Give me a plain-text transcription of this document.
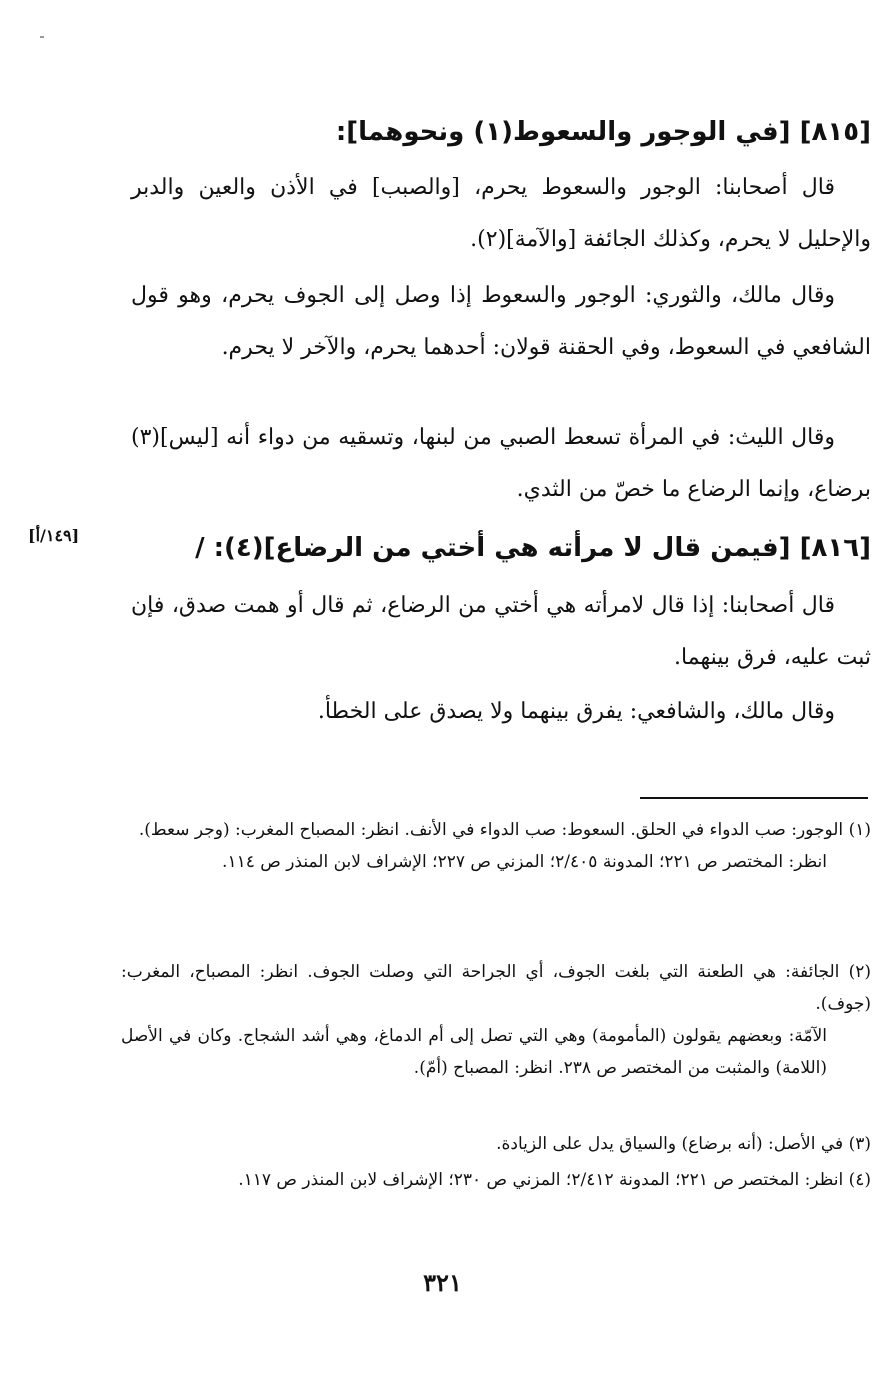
[٨١٥] [في الوجور والسعوط(١) ونحوهما]:
قال أصحابنا: الوجور والسعوط يحرم، [والصبب] في الأذن والعين والدبر والإحليل لا يحرم، وكذلك الجائفة [والآمة](٢).
وقال مالك، والثوري: الوجور والسعوط إذا وصل إلى الجوف يحرم، وهو قول الشافعي في السعوط، وفي الحقنة قولان: أحدهما يحرم، والآخر لا يحرم.
وقال الليث: في المرأة تسعط الصبي من لبنها، وتسقيه من دواء أنه [ليس](٣) برضاع، وإنما الرضاع ما خصّ من الثدي.
[١٤٩/أ]	[٨١٦] [فيمن قال لا مرأته هي أختي من الرضاع](٤): /
قال أصحابنا: إذا قال لامرأته هي أختي من الرضاع، ثم قال أو همت صدق، فإن ثبت عليه، فرق بينهما.
وقال مالك، والشافعي: يفرق بينهما ولا يصدق على الخطأ.
(١) الوجور: صب الدواء في الحلق. السعوط: صب الدواء في الأنف. انظر: المصباح المغرب: (وجر سعط).
انظر: المختصر ص ٢٢١؛ المدونة ٢/٤٠٥؛ المزني ص ٢٢٧؛ الإشراف لابن المنذر ص ١١٤.
(٢) الجائفة: هي الطعنة التي بلغت الجوف، أي الجراحة التي وصلت الجوف. انظر: المصباح، المغرب: (جوف).
الآمّة: وبعضهم يقولون (المأمومة) وهي التي تصل إلى أم الدماغ، وهي أشد الشجاج. وكان في الأصل (اللامة) والمثبت من المختصر ص ٢٣٨. انظر: المصباح (أمّ).
(٣) في الأصل: (أنه برضاع) والسياق يدل على الزيادة.
(٤) انظر: المختصر ص ٢٢١؛ المدونة ٢/٤١٢؛ المزني ص ٢٣٠؛ الإشراف لابن المنذر ص ١١٧.
٣٢١
